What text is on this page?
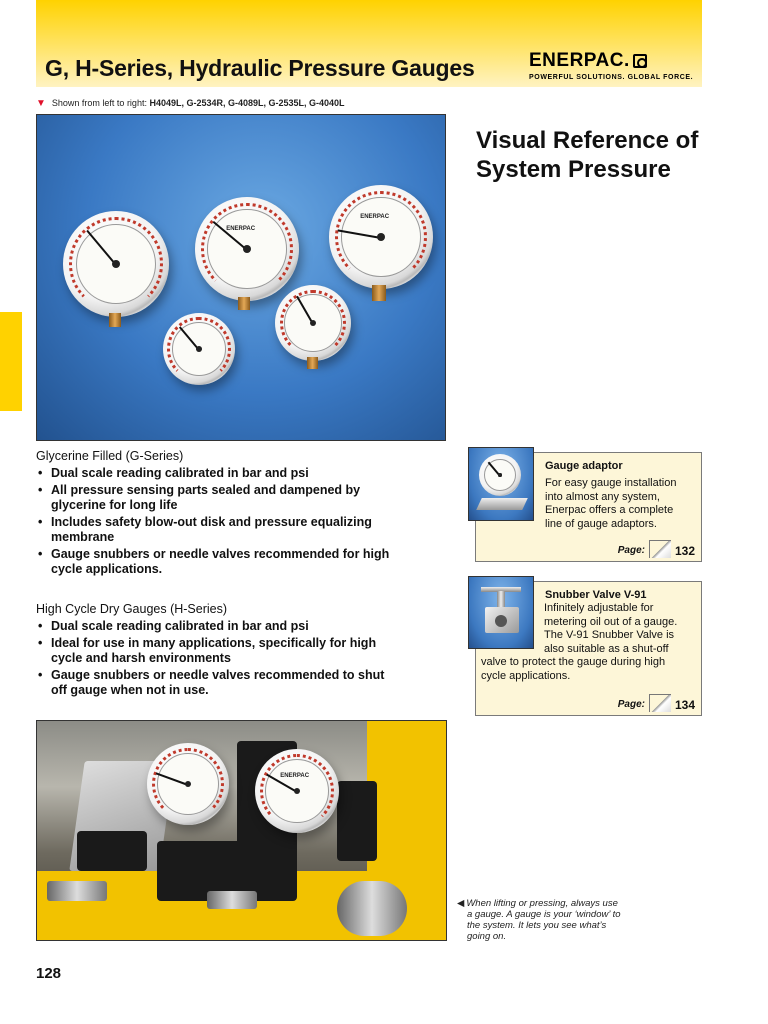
G, H-Series, Hydraulic Pressure Gauges	ENERPAC.
POWERFUL SOLUTIONS. GLOBAL FORCE.
▼ Shown from left to right: H4049L, G-2534R, G-4089L, G-2535L, G-4040L
ENERPAC
ENERPAC
Visual Reference of System Pressure
Glycerine Filled (G-Series)
• Dual scale reading calibrated in bar and psi
• All pressure sensing parts sealed and dampened by glycerine for long life
• Includes safety blow-out disk and pressure equalizing membrane
• Gauge snubbers or needle valves recommended for high cycle applications.
High Cycle Dry Gauges (H-Series)
• Dual scale reading calibrated in bar and psi
• Ideal for use in many applications, specifically for high cycle and harsh environments
• Gauge snubbers or needle valves recommended to shut off gauge when not in use.
Gauge adaptor
For easy gauge installation into almost any system, Enerpac offers a complete line of gauge adaptors.
Page:	132
Snubber Valve V-91
Infinitely adjustable for metering oil out of a gauge. The V-91 Snubber Valve is also suitable as a shut-off valve to protect the gauge during high cycle applications.
Page:	134
ENERPAC
◀ When lifting or pressing, always use a gauge. A gauge is your ‘window’ to the system. It lets you see what’s going on.
128
